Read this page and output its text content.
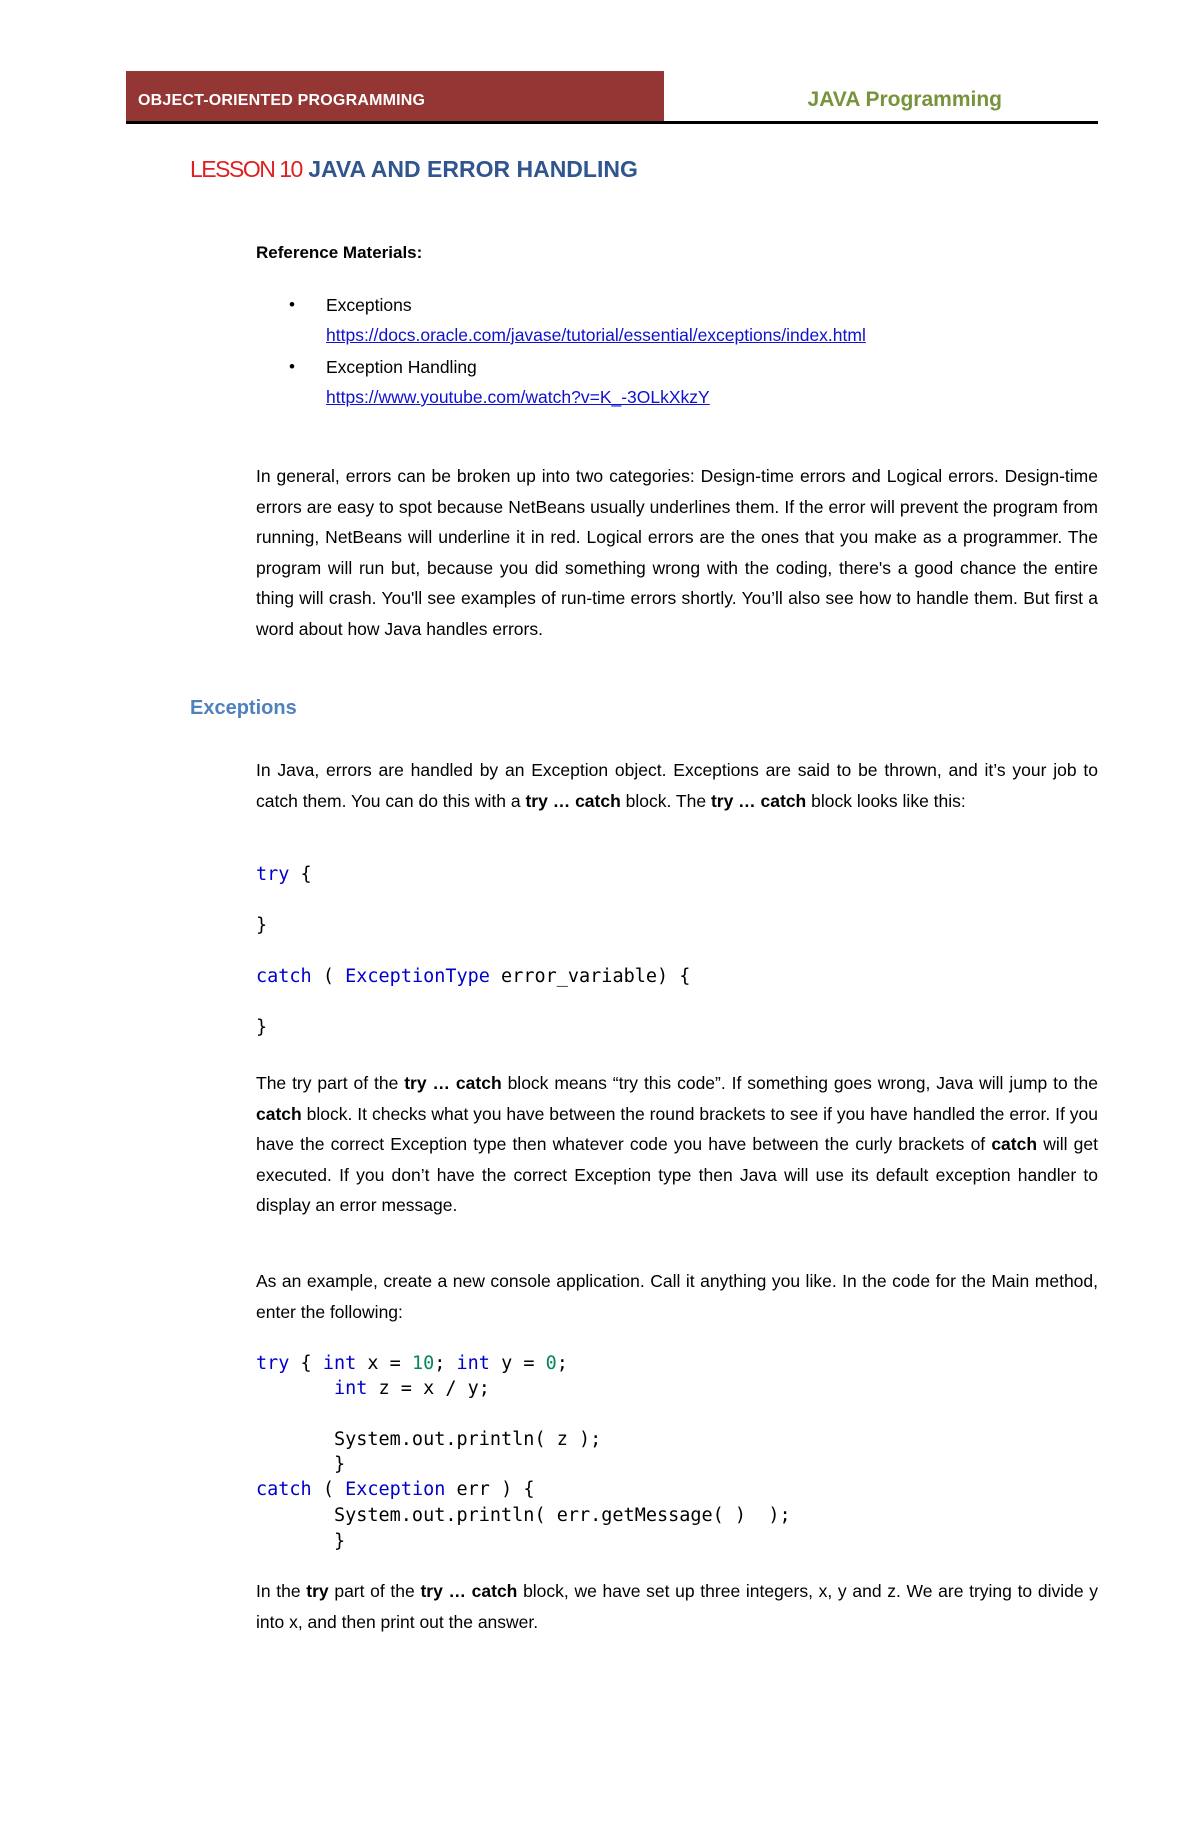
OBJECT-ORIENTED PROGRAMMING	JAVA Programming
LESSON 10 JAVA AND ERROR HANDLING
Reference Materials:
• Exceptions
https://docs.oracle.com/javase/tutorial/essential/exceptions/index.html
• Exception Handling
https://www.youtube.com/watch?v=K_-3OLkXkzY

In general, errors can be broken up into two categories: Design-time errors and Logical errors. Design-time errors are easy to spot because NetBeans usually underlines them. If the error will prevent the program from running, NetBeans will underline it in red. Logical errors are the ones that you make as a programmer. The program will run but, because you did something wrong with the coding, there's a good chance the entire thing will crash. You'll see examples of run-time errors shortly. You’ll also see how to handle them. But first a word about how Java handles errors.

Exceptions

In Java, errors are handled by an Exception object. Exceptions are said to be thrown, and it’s your job to catch them. You can do this with a try … catch block. The try … catch block looks like this:

try {
}
catch ( ExceptionType error_variable) {
}

The try part of the try … catch block means “try this code”. If something goes wrong, Java will jump to the catch block. It checks what you have between the round brackets to see if you have handled the error. If you have the correct Exception type then whatever code you have between the curly brackets of catch will get executed. If you don’t have the correct Exception type then Java will use its default exception handler to display an error message.

As an example, create a new console application. Call it anything you like. In the code for the Main method, enter the following:

try { int x = 10; int y = 0;
int z = x / y;
System.out.println( z );
}
catch ( Exception err ) {
System.out.println( err.getMessage( )  );
}

In the try part of the try … catch block, we have set up three integers, x, y and z. We are trying to divide y into x, and then print out the answer.
